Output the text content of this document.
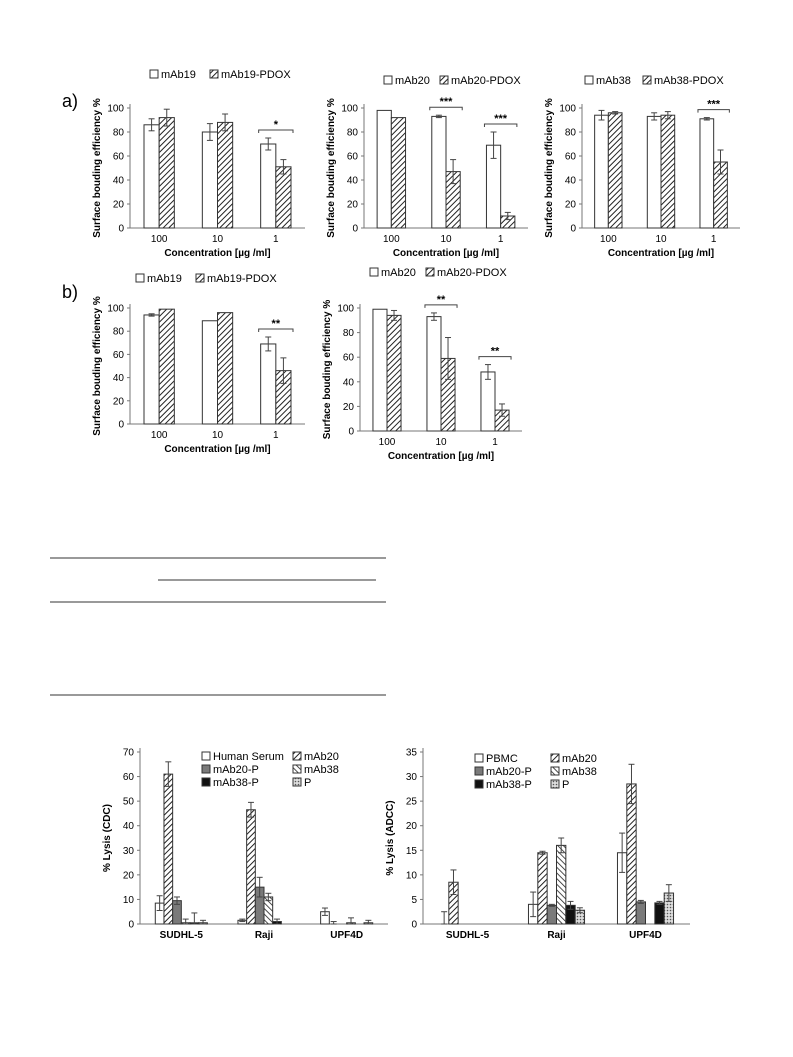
a)
b)
0
20
40
60
80
100
Surface bouding efficiency %
Concentration [µg /ml]
100	10	1
*
mAb19 mAb19-PDOX
0
20
40
60
80
100
Surface bouding efficiency %
Concentration [µg /ml]
100	10	1
***
***
mAb20 mAb20-PDOX
0
20
40
60
80
100
Surface bouding efficiency %
Concentration [µg /ml]
100	10	1
***
mAb38 mAb38-PDOX
0
20
40
60
80
100
Surface bouding efficiency %
Concentration [µg /ml]
100	10	1
**
mAb19 mAb19-PDOX
0
20
40
60
80
100
Surface bouding efficiency %
Concentration [µg /ml]
100	10	1
**
**
mAb20 mAb20-PDOX
0
10
20
30
40
50
60
70
% Lysis (CDC)
SUDHL-5	Raji	UPF4D
Human Serum mAb20
mAb20-P	mAb38
mAb38-P	P
0
5
10
15
20
25
30
35
% Lysis (ADCC)
SUDHL-5	Raji	UPF4D
PBMC	mAb20
mAb20-P	mAb38
mAb38-P	P
